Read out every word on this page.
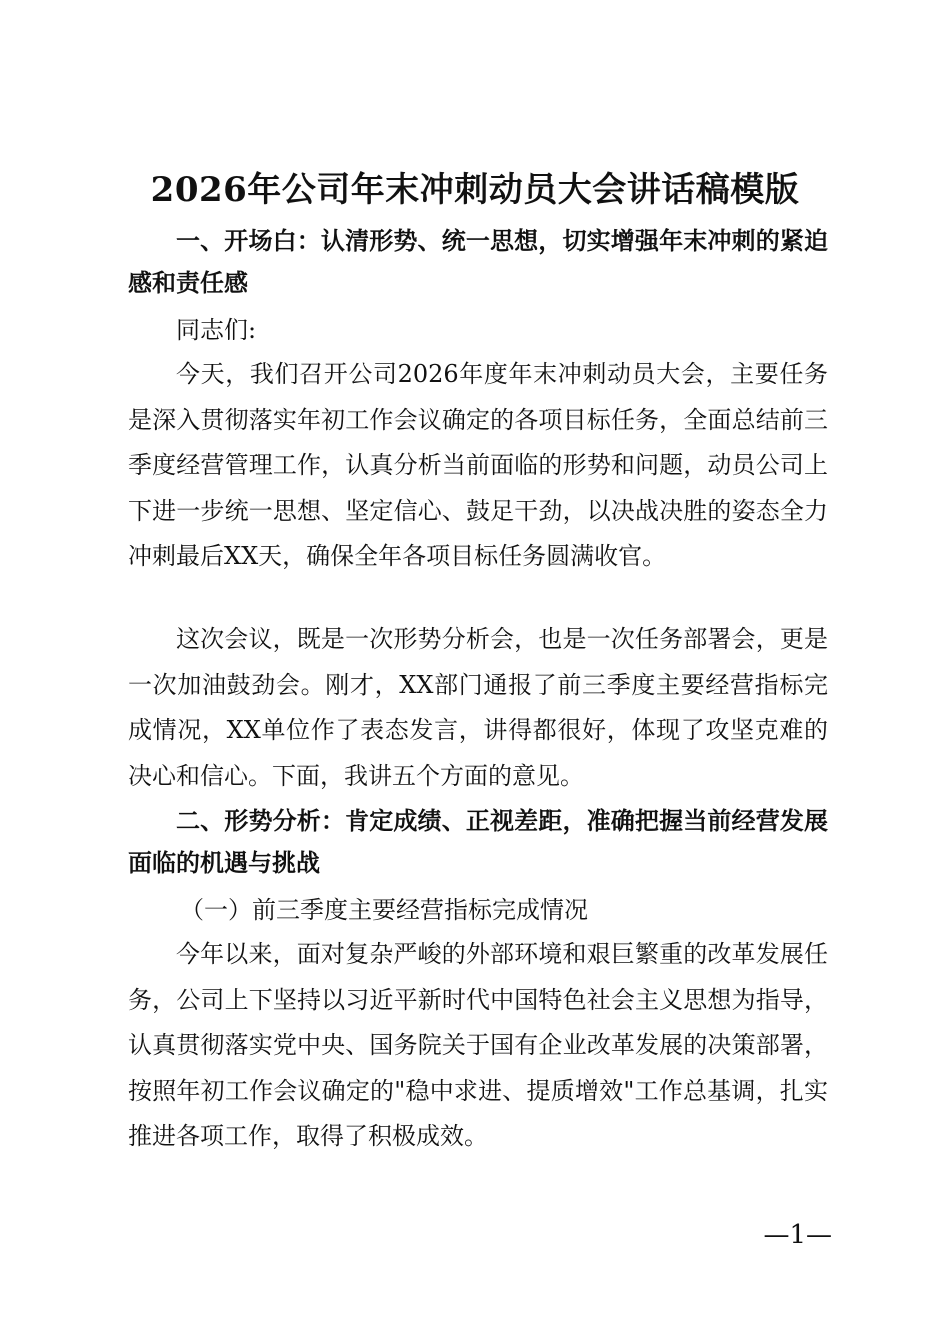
2026年公司年末冲刺动员大会讲话稿模版
一、开场白：认清形势、统一思想，切实增强年末冲刺的紧迫感和责任感
同志们:
今天，我们召开公司2026年度年末冲刺动员大会，主要任务是深入贯彻落实年初工作会议确定的各项目标任务，全面总结前三季度经营管理工作，认真分析当前面临的形势和问题，动员公司上下进一步统一思想、坚定信心、鼓足干劲，以决战决胜的姿态全力冲刺最后XX天，确保全年各项目标任务圆满收官。
这次会议，既是一次形势分析会，也是一次任务部署会，更是一次加油鼓劲会。刚才，XX部门通报了前三季度主要经营指标完成情况，XX单位作了表态发言，讲得都很好，体现了攻坚克难的决心和信心。下面，我讲五个方面的意见。
二、形势分析：肯定成绩、正视差距，准确把握当前经营发展面临的机遇与挑战
（一）前三季度主要经营指标完成情况
今年以来，面对复杂严峻的外部环境和艰巨繁重的改革发展任务，公司上下坚持以习近平新时代中国特色社会主义思想为指导，认真贯彻落实党中央、国务院关于国有企业改革发展的决策部署，按照年初工作会议确定的"稳中求进、提质增效"工作总基调，扎实推进各项工作，取得了积极成效。
—1—
